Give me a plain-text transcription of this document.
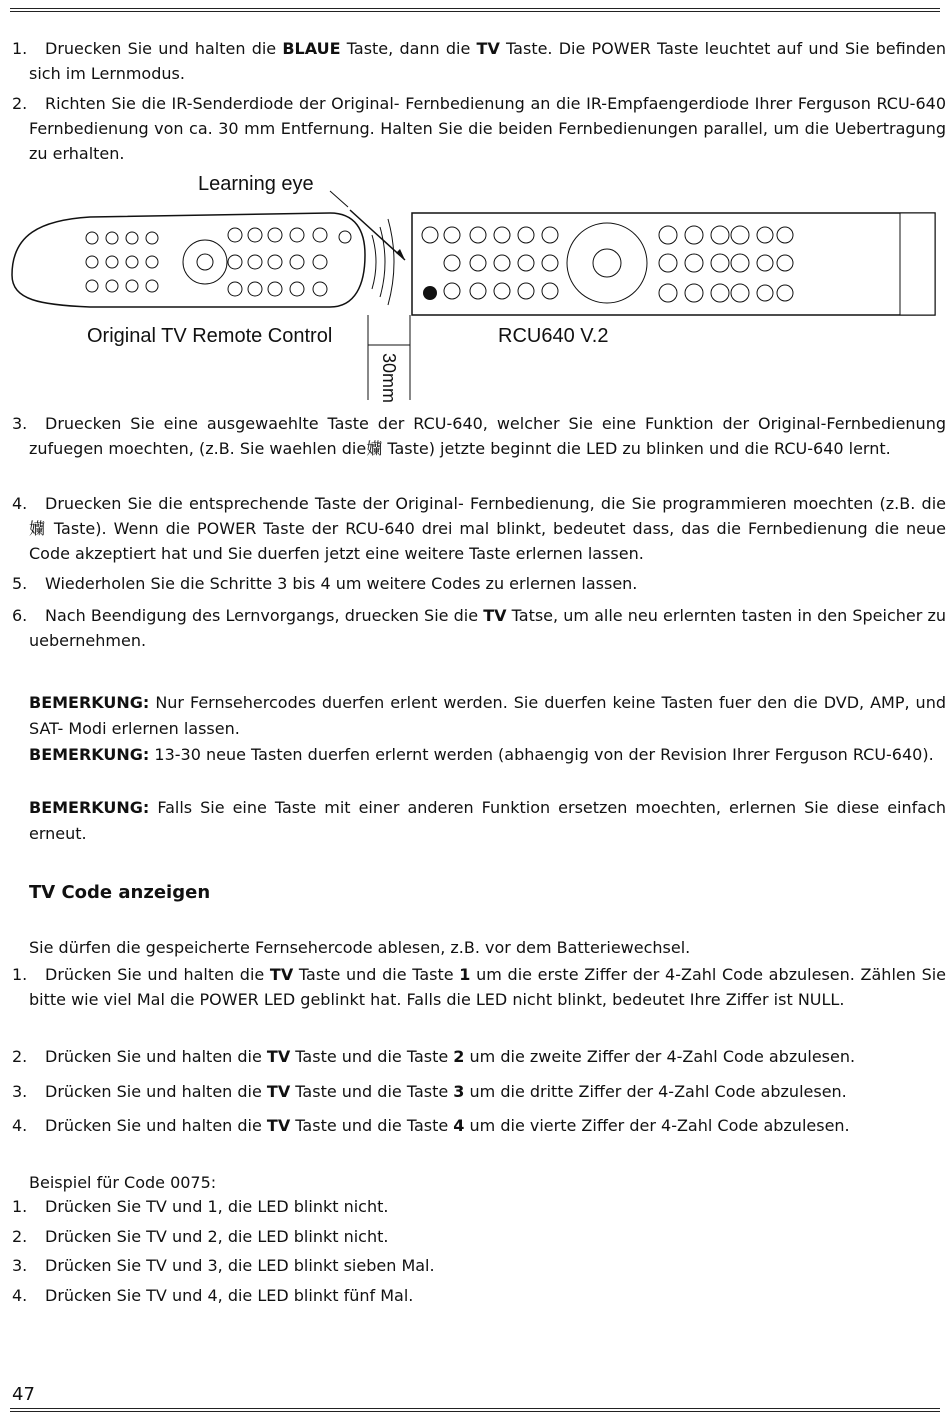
1.	Druecken Sie und halten die BLAUE Taste, dann die TV Taste. Die POWER Taste leuchtet auf und Sie befinden sich im Lernmodus.
2.	Richten Sie die IR-Senderdiode der Original- Fernbedienung an die IR-Empfaengerdiode Ihrer Ferguson RCU-640 Fernbedienung von ca. 30 mm Entfernung. Halten Sie die beiden Fernbedienungen parallel, um die Uebertragung zu erhalten.
Learning eye
30mm
Original TV Remote Control	RCU640 V.2
3.	Druecken Sie eine ausgewaehlte Taste der RCU-640, welcher Sie eine Funktion der Original-Fernbedienung zufuegen moechten, (z.B. Sie waehlen die孏 Taste) jetzte beginnt die LED zu blinken und die RCU-640 lernt.
4.	Druecken Sie die entsprechende Taste der Original- Fernbedienung, die Sie programmieren moechten (z.B. die 孏 Taste). Wenn die POWER Taste der RCU-640 drei mal blinkt, bedeutet dass, das die Fernbedienung die neue Code akzeptiert hat und Sie duerfen jetzt eine weitere Taste erlernen lassen.
5.	Wiederholen Sie die Schritte 3 bis 4 um weitere Codes zu erlernen lassen.
6.	Nach Beendigung des Lernvorgangs, druecken Sie die TV Tatse, um alle neu erlernten tasten in den Speicher zu uebernehmen.
BEMERKUNG: Nur Fernsehercodes duerfen erlent werden. Sie duerfen keine Tasten fuer den die DVD, AMP, und SAT- Modi erlernen lassen.
BEMERKUNG: 13-30 neue Tasten duerfen erlernt werden (abhaengig von der Revision Ihrer Ferguson RCU-640).
BEMERKUNG: Falls Sie eine Taste mit einer anderen Funktion ersetzen moechten, erlernen Sie diese einfach erneut.
TV Code anzeigen
Sie dürfen die gespeicherte Fernsehercode ablesen, z.B. vor dem Batteriewechsel.
1.	Drücken Sie und halten die TV Taste und die Taste 1 um die erste Ziffer der 4-Zahl Code abzulesen. Zählen Sie bitte wie viel Mal die POWER LED geblinkt hat. Falls die LED nicht blinkt, bedeutet Ihre Ziffer ist NULL.
2.	Drücken Sie und halten die TV Taste und die Taste 2 um die zweite Ziffer der 4-Zahl Code abzulesen.
3.	Drücken Sie und halten die TV Taste und die Taste 3 um die dritte Ziffer der 4-Zahl Code abzulesen.
4.	Drücken Sie und halten die TV Taste und die Taste 4 um die vierte Ziffer der 4-Zahl Code abzulesen.
Beispiel für Code 0075:
1.	Drücken Sie TV und 1, die LED blinkt nicht.
2.	Drücken Sie TV und 2, die LED blinkt nicht.
3.	Drücken Sie TV und 3, die LED blinkt sieben Mal.
4.	Drücken Sie TV und 4, die LED blinkt fünf Mal.
47
